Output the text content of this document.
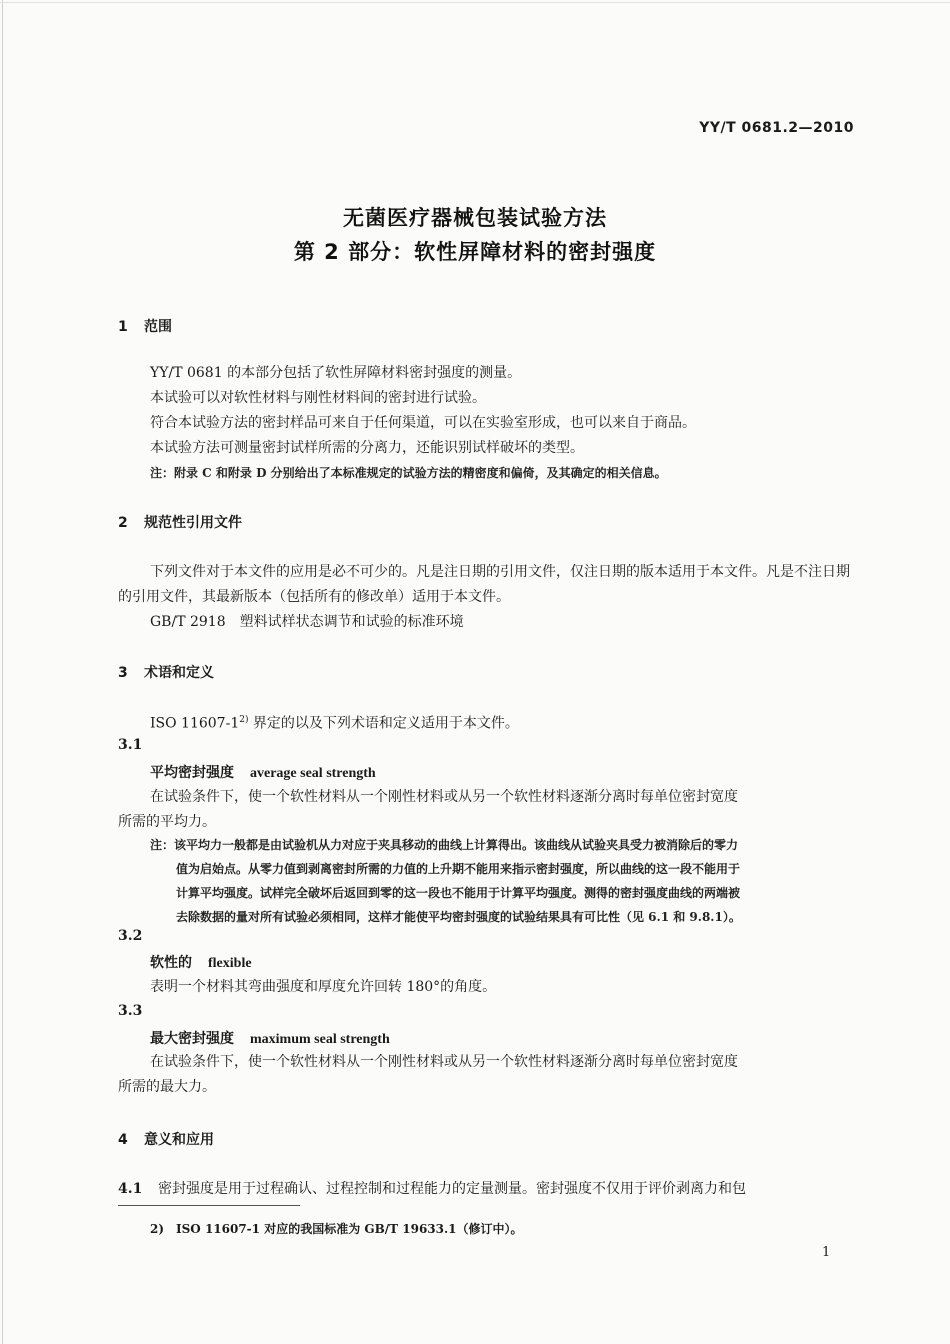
YY/T 0681.2—2010
无菌医疗器械包装试验方法
第 2 部分：软性屏障材料的密封强度
1 范围
YY/T 0681 的本部分包括了软性屏障材料密封强度的测量。
本试验可以对软性材料与刚性材料间的密封进行试验。
符合本试验方法的密封样品可来自于任何渠道，可以在实验室形成，也可以来自于商品。
本试验方法可测量密封试样所需的分离力，还能识别试样破坏的类型。
注：附录 C 和附录 D 分别给出了本标准规定的试验方法的精密度和偏倚，及其确定的相关信息。
2 规范性引用文件
下列文件对于本文件的应用是必不可少的。凡是注日期的引用文件，仅注日期的版本适用于本文件。凡是不注日期的引用文件，其最新版本（包括所有的修改单）适用于本文件。
GB/T 2918　塑料试样状态调节和试验的标准环境
3 术语和定义
ISO 11607-1$^{2)}$ 界定的以及下列术语和定义适用于本文件。
3.1
平均密封强度 average seal strength
在试验条件下，使一个软性材料从一个刚性材料或从另一个软性材料逐渐分离时每单位密封宽度
所需的平均力。
注：该平均力一般都是由试验机从力对应于夹具移动的曲线上计算得出。该曲线从试验夹具受力被消除后的零力
值为启始点。从零力值到剥离密封所需的力值的上升期不能用来指示密封强度，所以曲线的这一段不能用于
计算平均强度。试样完全破坏后返回到零的这一段也不能用于计算平均强度。测得的密封强度曲线的两端被
去除数据的量对所有试验必须相同，这样才能使平均密封强度的试验结果具有可比性（见 6.1 和 9.8.1）。
3.2
软性的 flexible
表明一个材料其弯曲强度和厚度允许回转 180°的角度。
3.3
最大密封强度 maximum seal strength
在试验条件下，使一个软性材料从一个刚性材料或从另一个软性材料逐渐分离时每单位密封宽度
所需的最大力。
4 意义和应用
4.1 密封强度是用于过程确认、过程控制和过程能力的定量测量。密封强度不仅用于评价剥离力和包
2)　ISO 11607-1 对应的我国标准为 GB/T 19633.1（修订中）。
1
